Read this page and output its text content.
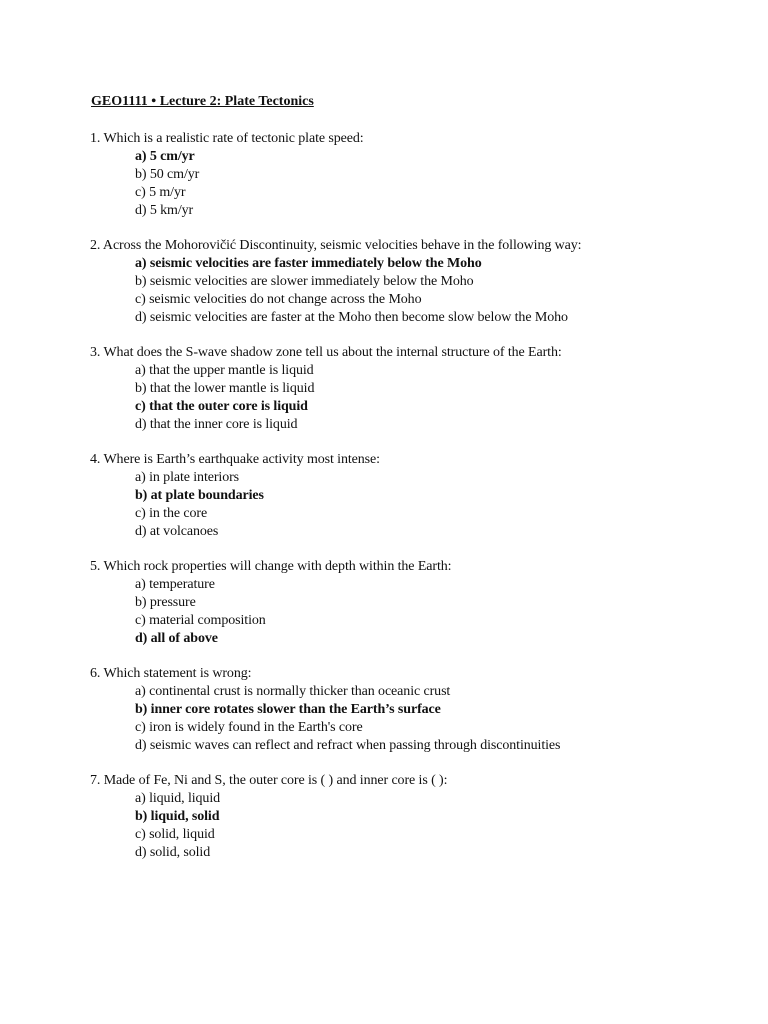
GEO1111 • Lecture 2: Plate Tectonics
1. Which is a realistic rate of tectonic plate speed:
a) 5 cm/yr
b) 50 cm/yr
c) 5 m/yr
d) 5 km/yr
2. Across the Mohorovičić Discontinuity, seismic velocities behave in the following way:
a) seismic velocities are faster immediately below the Moho
b) seismic velocities are slower immediately below the Moho
c) seismic velocities do not change across the Moho
d) seismic velocities are faster at the Moho then become slow below the Moho
3. What does the S-wave shadow zone tell us about the internal structure of the Earth:
a) that the upper mantle is liquid
b) that the lower mantle is liquid
c) that the outer core is liquid
d) that the inner core is liquid
4. Where is Earth’s earthquake activity most intense:
a) in plate interiors
b) at plate boundaries
c) in the core
d) at volcanoes
5. Which rock properties will change with depth within the Earth:
a) temperature
b) pressure
c) material composition
d) all of above
6. Which statement is wrong:
a) continental crust is normally thicker than oceanic crust
b) inner core rotates slower than the Earth’s surface
c) iron is widely found in the Earth's core
d) seismic waves can reflect and refract when passing through discontinuities
7. Made of Fe, Ni and S, the outer core is ( ) and inner core is ( ):
a) liquid, liquid
b) liquid, solid
c) solid, liquid
d) solid, solid
